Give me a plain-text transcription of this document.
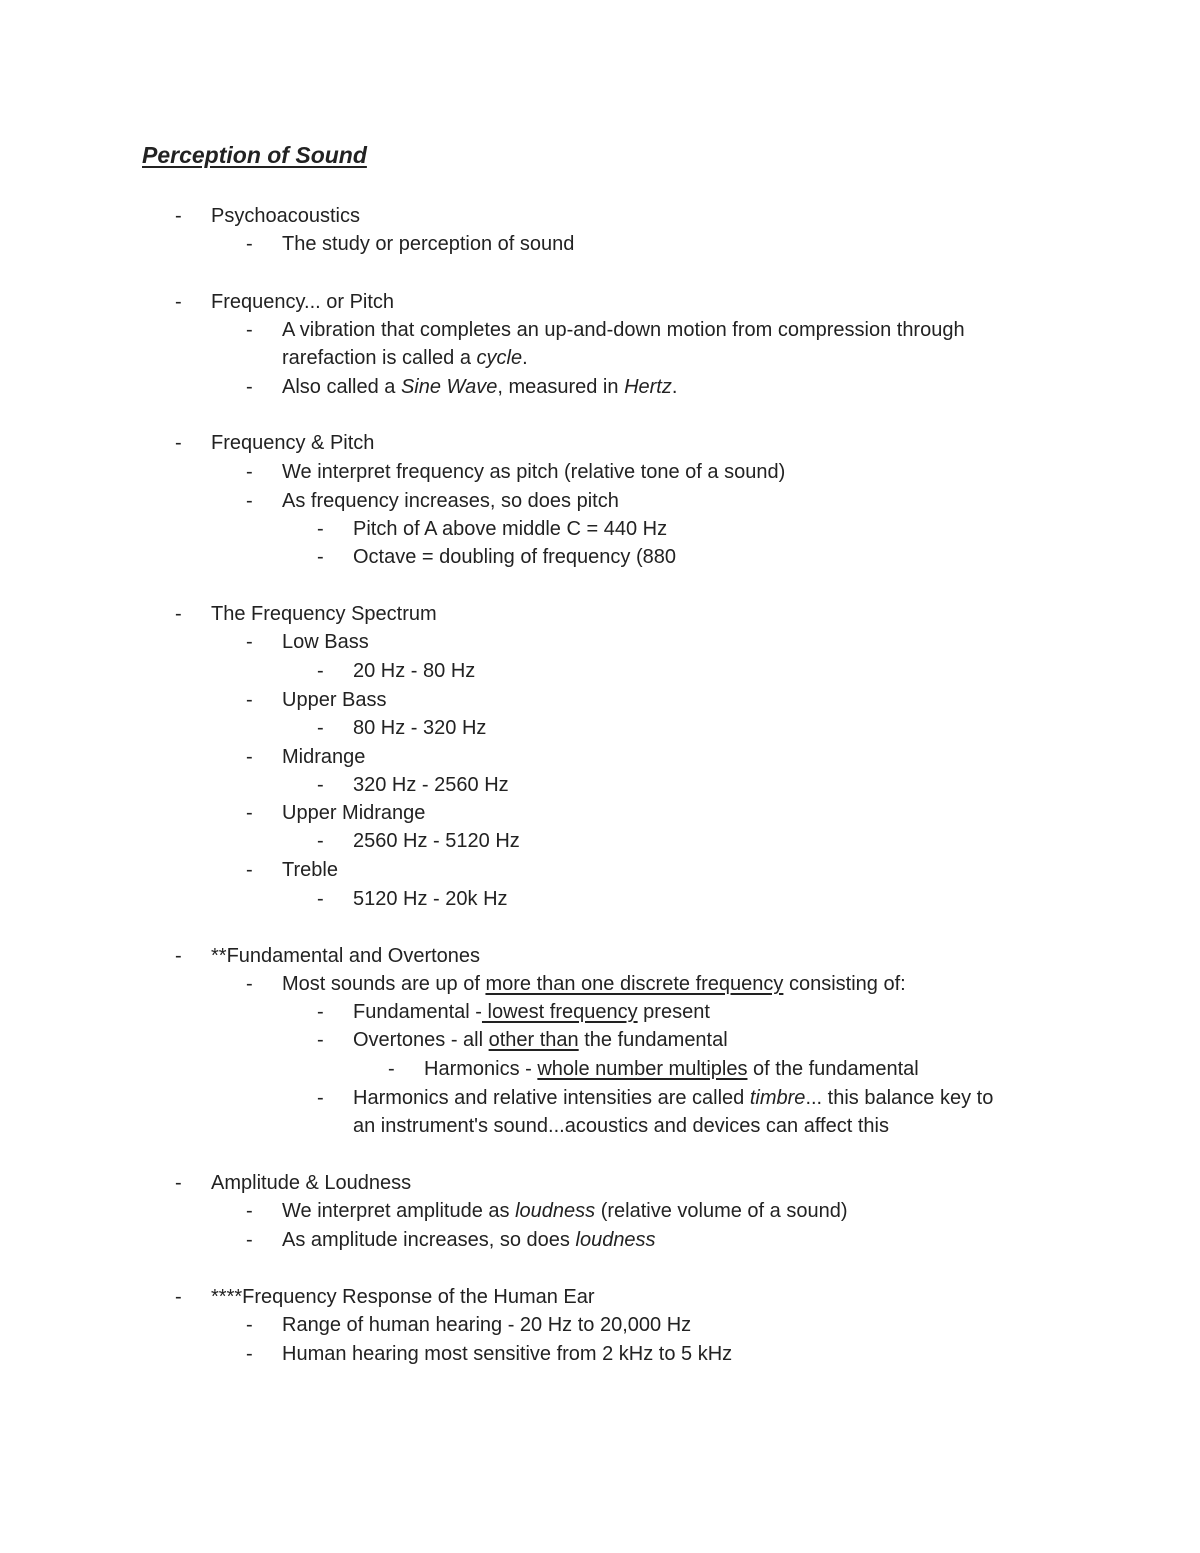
Perception of Sound
- Psychoacoustics
- The study or perception of sound
- Frequency... or Pitch
- A vibration that completes an up-and-down motion from compression through
rarefaction is called a cycle.
- Also called a Sine Wave, measured in Hertz.
- Frequency & Pitch
- We interpret frequency as pitch (relative tone of a sound)
- As frequency increases, so does pitch
- Pitch of A above middle C = 440 Hz
- Octave = doubling of frequency (880
- The Frequency Spectrum
- Low Bass
- 20 Hz - 80 Hz
- Upper Bass
- 80 Hz - 320 Hz
- Midrange
- 320 Hz - 2560 Hz
- Upper Midrange
- 2560 Hz - 5120 Hz
- Treble
- 5120 Hz - 20k Hz
- **Fundamental and Overtones
- Most sounds are up of more than one discrete frequency consisting of:
- Fundamental - lowest frequency present
- Overtones - all other than the fundamental
- Harmonics - whole number multiples of the fundamental
- Harmonics and relative intensities are called timbre... this balance key to
an instrument's sound...acoustics and devices can affect this
- Amplitude & Loudness
- We interpret amplitude as loudness (relative volume of a sound)
- As amplitude increases, so does loudness
- ****Frequency Response of the Human Ear
- Range of human hearing - 20 Hz to 20,000 Hz
- Human hearing most sensitive from 2 kHz to 5 kHz
